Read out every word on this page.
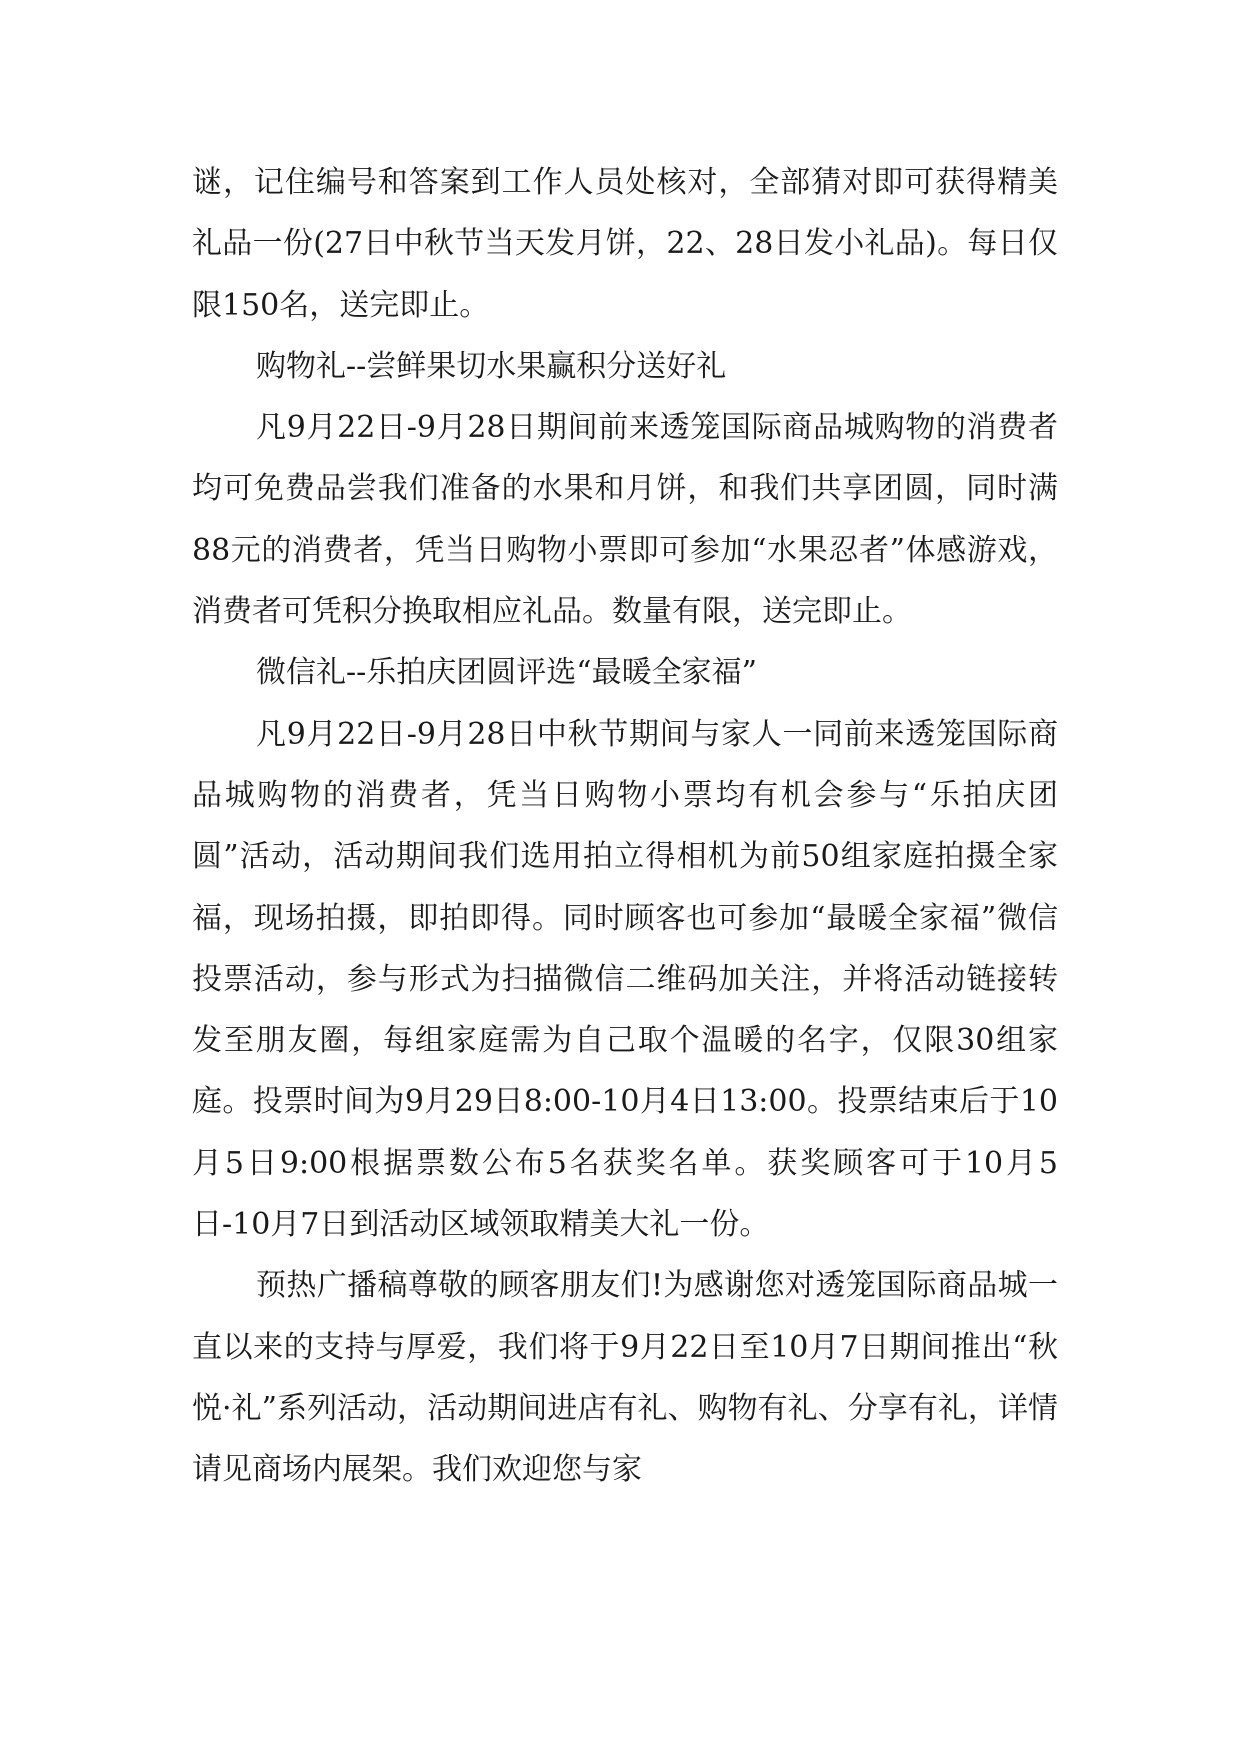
谜，记住编号和答案到工作人员处核对，全部猜对即可获得精美礼品一份(27日中秋节当天发月饼，22、28日发小礼品)。每日仅限150名，送完即止。

购物礼--尝鲜果切水果赢积分送好礼

凡9月22日-9月28日期间前来透笼国际商品城购物的消费者均可免费品尝我们准备的水果和月饼，和我们共享团圆，同时满88元的消费者，凭当日购物小票即可参加“水果忍者”体感游戏，消费者可凭积分换取相应礼品。数量有限，送完即止。

微信礼--乐拍庆团圆评选“最暖全家福”

凡9月22日-9月28日中秋节期间与家人一同前来透笼国际商品城购物的消费者，凭当日购物小票均有机会参与“乐拍庆团圆”活动，活动期间我们选用拍立得相机为前50组家庭拍摄全家福，现场拍摄，即拍即得。同时顾客也可参加“最暖全家福”微信投票活动，参与形式为扫描微信二维码加关注，并将活动链接转发至朋友圈，每组家庭需为自己取个温暖的名字，仅限30组家庭。投票时间为9月29日8:00-10月4日13:00。投票结束后于10月5日9:00根据票数公布5名获奖名单。获奖顾客可于10月5日-10月7日到活动区域领取精美大礼一份。

预热广播稿尊敬的顾客朋友们!为感谢您对透笼国际商品城一直以来的支持与厚爱，我们将于9月22日至10月7日期间推出“秋悦·礼”系列活动，活动期间进店有礼、购物有礼、分享有礼，详情请见商场内展架。我们欢迎您与家
